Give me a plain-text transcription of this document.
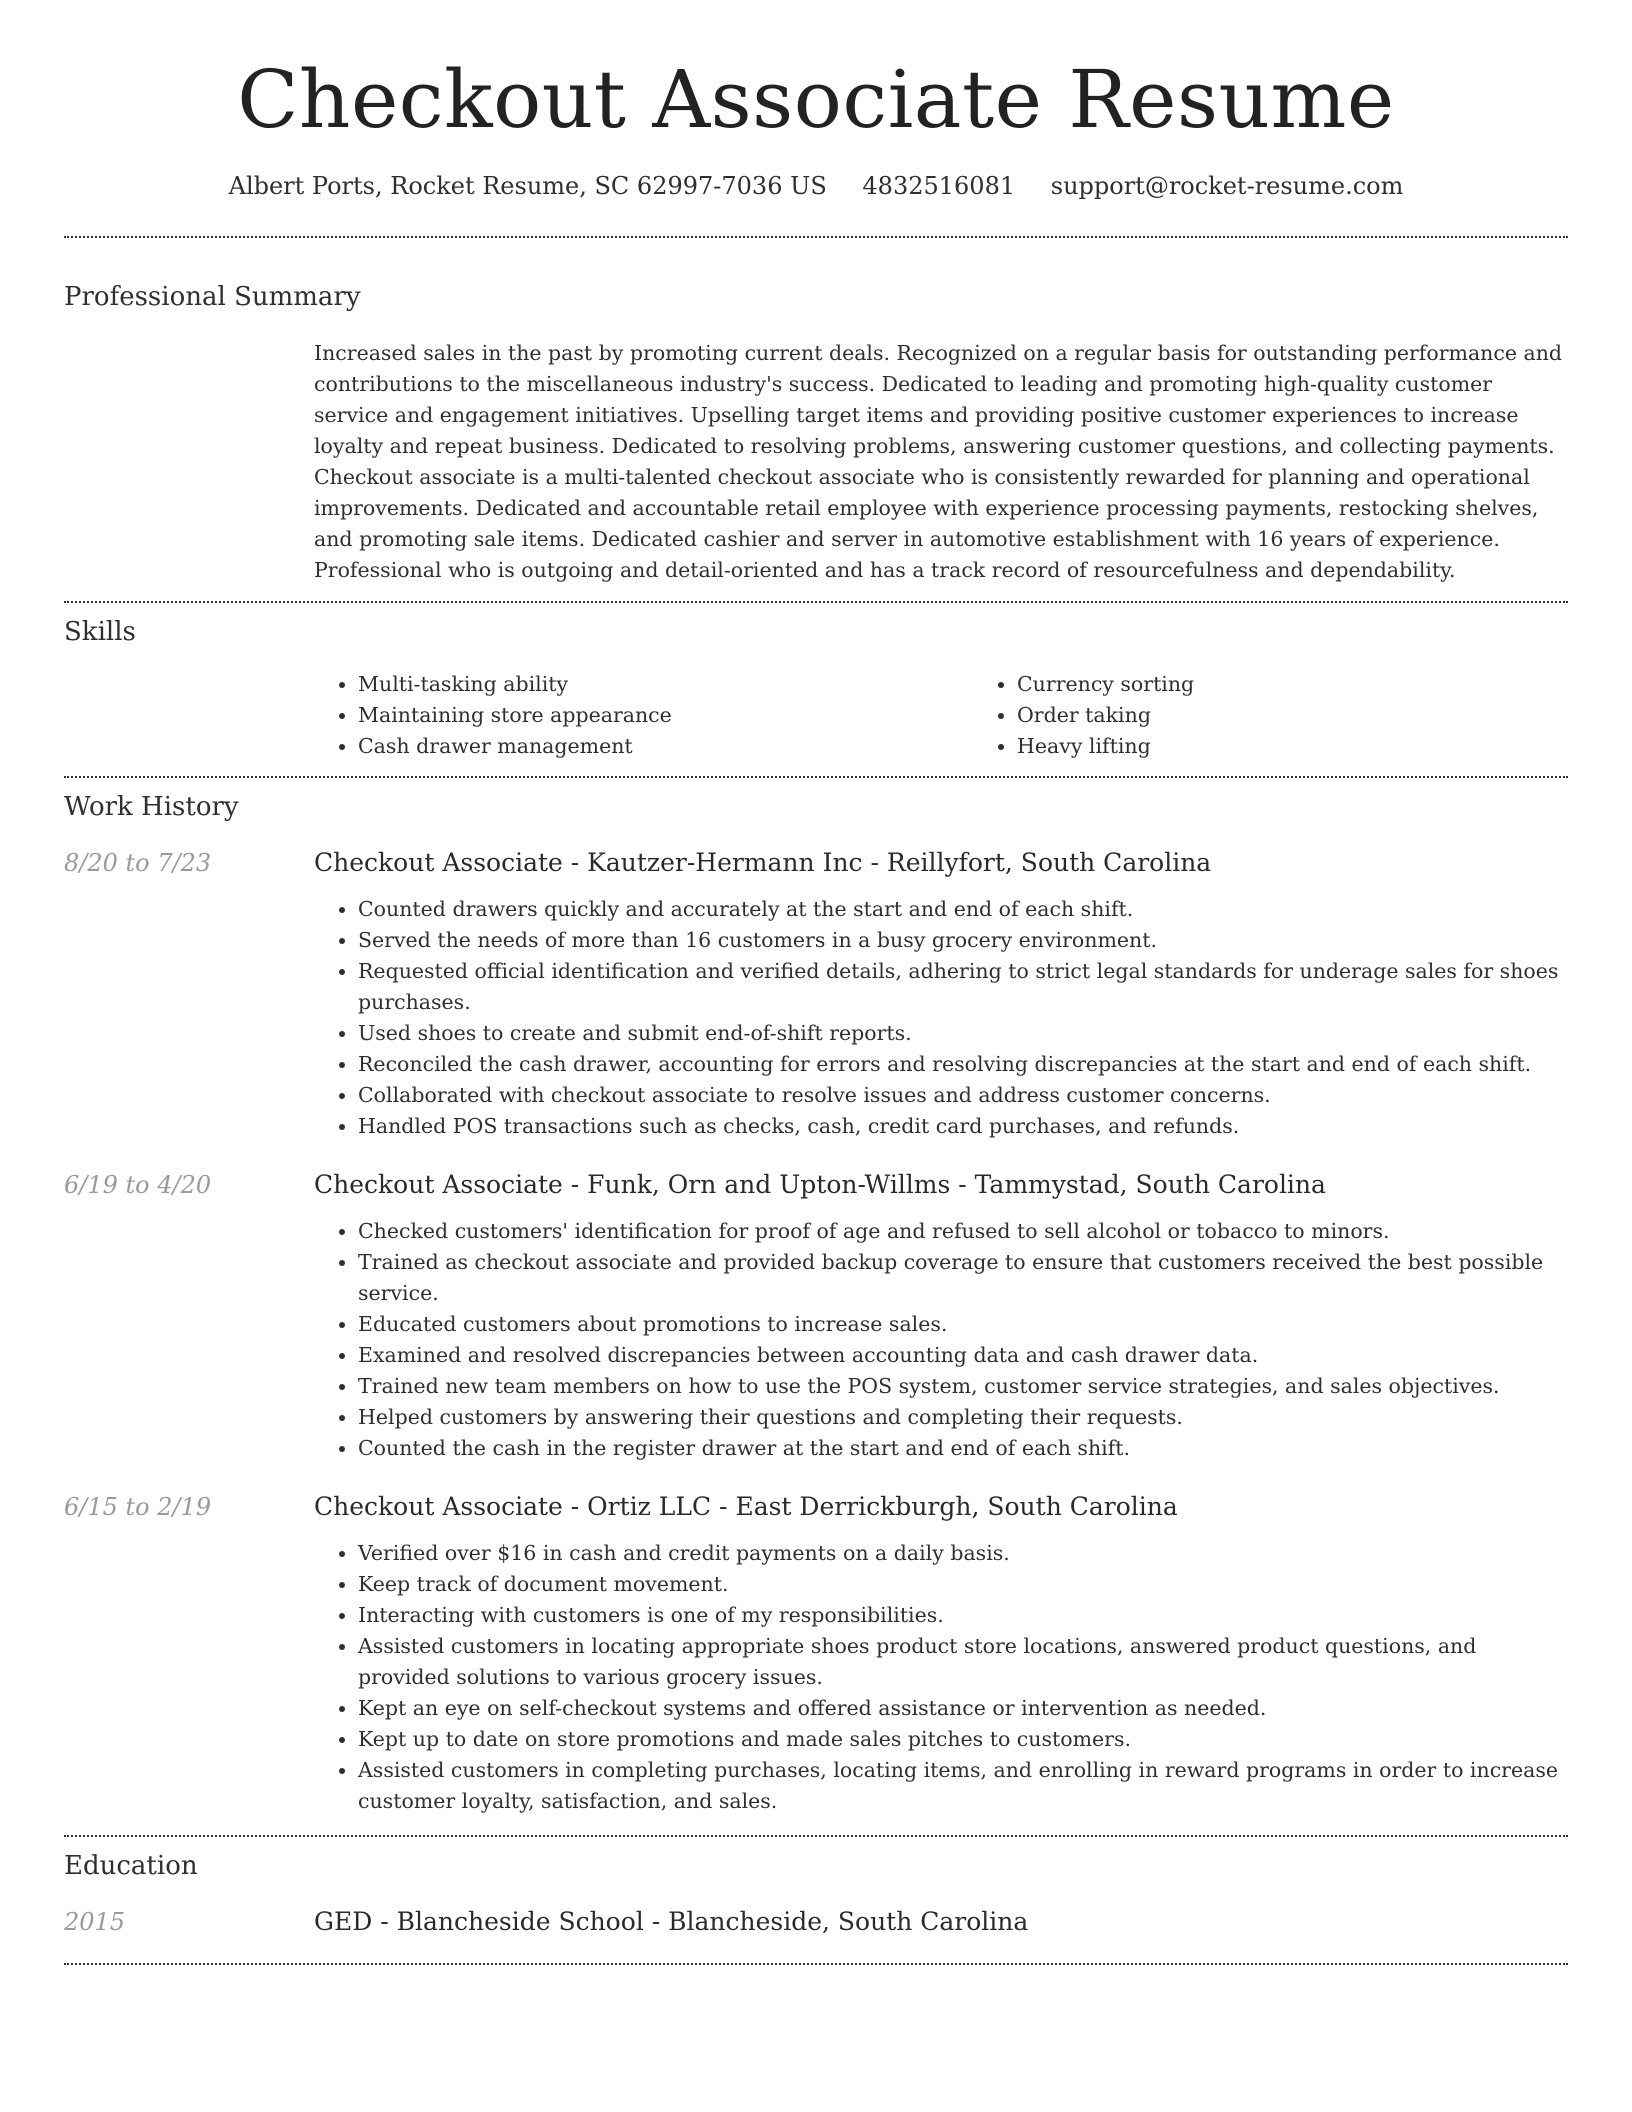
Checkout Associate Resume
Albert Ports, Rocket Resume, SC 62997-7036 US 4832516081 support@rocket-resume.com
Professional Summary

Increased sales in the past by promoting current deals. Recognized on a regular basis for outstanding performance and contributions to the miscellaneous industry's success. Dedicated to leading and promoting high-quality customer service and engagement initiatives. Upselling target items and providing positive customer experiences to increase loyalty and repeat business. Dedicated to resolving problems, answering customer questions, and collecting payments. Checkout associate is a multi-talented checkout associate who is consistently rewarded for planning and operational improvements. Dedicated and accountable retail employee with experience processing payments, restocking shelves, and promoting sale items. Dedicated cashier and server in automotive establishment with 16 years of experience. Professional who is outgoing and detail-oriented and has a track record of resourcefulness and dependability.

Skills
• Multi-tasking ability
• Maintaining store appearance
• Cash drawer management
• Currency sorting
• Order taking
• Heavy lifting
Work History
8/20 to 7/23	Checkout Associate - Kautzer-Hermann Inc - Reillyfort, South Carolina
• Counted drawers quickly and accurately at the start and end of each shift.
• Served the needs of more than 16 customers in a busy grocery environment.
• Requested official identification and verified details, adhering to strict legal standards for underage sales for shoes purchases.
• Used shoes to create and submit end-of-shift reports.
• Reconciled the cash drawer, accounting for errors and resolving discrepancies at the start and end of each shift.
• Collaborated with checkout associate to resolve issues and address customer concerns.
• Handled POS transactions such as checks, cash, credit card purchases, and refunds.
6/19 to 4/20	Checkout Associate - Funk, Orn and Upton-Willms - Tammystad, South Carolina
• Checked customers' identification for proof of age and refused to sell alcohol or tobacco to minors.
• Trained as checkout associate and provided backup coverage to ensure that customers received the best possible service.
• Educated customers about promotions to increase sales.
• Examined and resolved discrepancies between accounting data and cash drawer data.
• Trained new team members on how to use the POS system, customer service strategies, and sales objectives.
• Helped customers by answering their questions and completing their requests.
• Counted the cash in the register drawer at the start and end of each shift.
6/15 to 2/19	Checkout Associate - Ortiz LLC - East Derrickburgh, South Carolina
• Verified over $16 in cash and credit payments on a daily basis.
• Keep track of document movement.
• Interacting with customers is one of my responsibilities.
• Assisted customers in locating appropriate shoes product store locations, answered product questions, and provided solutions to various grocery issues.
• Kept an eye on self-checkout systems and offered assistance or intervention as needed.
• Kept up to date on store promotions and made sales pitches to customers.
• Assisted customers in completing purchases, locating items, and enrolling in reward programs in order to increase customer loyalty, satisfaction, and sales.
Education
2015	GED - Blancheside School - Blancheside, South Carolina
